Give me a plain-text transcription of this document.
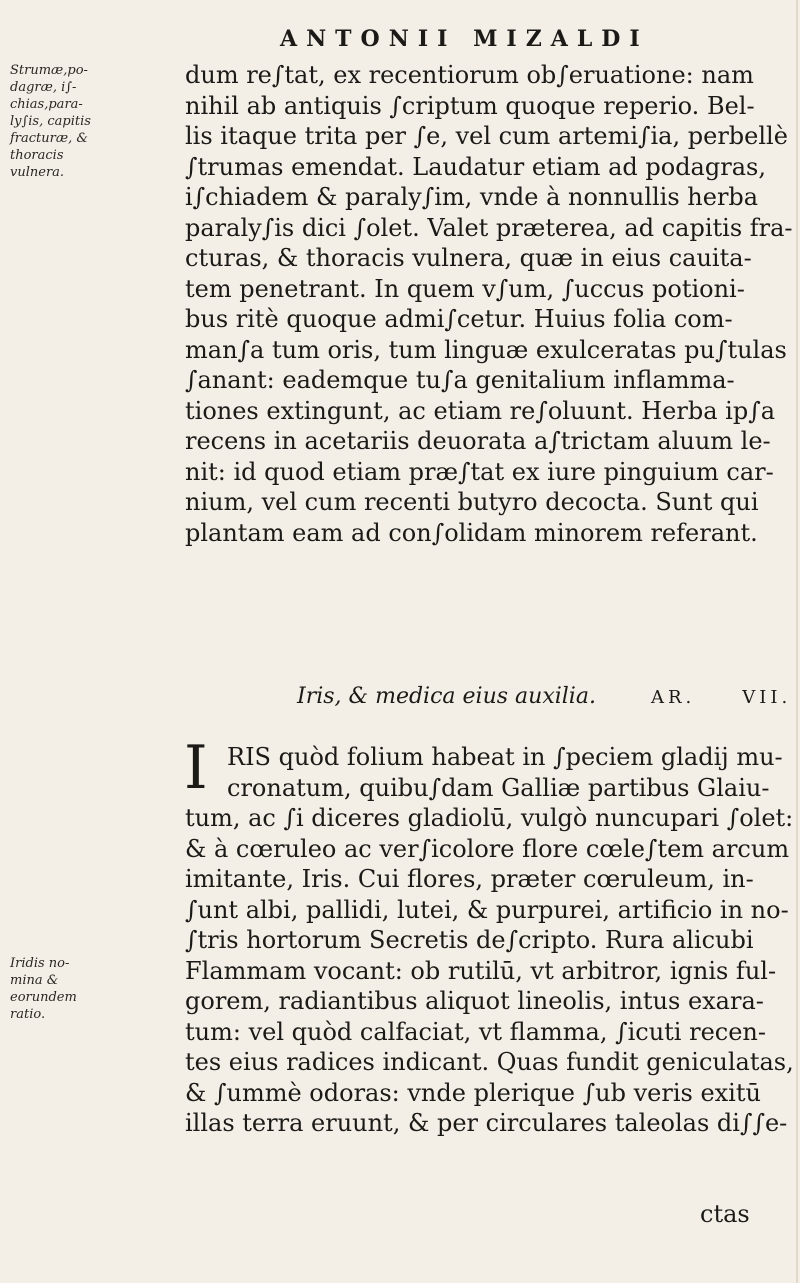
ANTONII MIZALDI
Strumæ,po-
dagræ, i∫-
chias,para-
ly∫is, capitis
fracturæ, &
thoracis
vulnera.
dum re∫tat, ex recentiorum ob∫eruatione: nam
nihil ab antiquis ∫criptum quoque reperio. Bel-
lis itaque trita per ∫e, vel cum artemi∫ia, perbellè
∫trumas emendat. Laudatur etiam ad podagras,
i∫chiadem & paraly∫im, vnde à nonnullis herba
paraly∫is dici ∫olet. Valet præterea, ad capitis fra-
cturas, & thoracis vulnera, quæ in eius cauita-
tem penetrant. In quem v∫um, ∫uccus potioni-
bus ritè quoque admi∫cetur. Huius folia com-
man∫a tum oris, tum linguæ exulceratas pu∫tulas
∫anant: eademque tu∫a genitalium inflamma-
tiones extingunt, ac etiam re∫oluunt. Herba ip∫a
recens in acetariis deuorata a∫trictam aluum le-
nit: id quod etiam præ∫tat ex iure pinguium car-
nium, vel cum recenti butyro decocta. Sunt qui
plantam eam ad con∫olidam minorem referant.
Iris, & medica eius auxilia.	AR.	VII.
I
Iridis no-
mina &
eorundem
ratio.
RIS quòd folium habeat in ∫peciem gladij mu-
cronatum, quibu∫dam Galliæ partibus Glaiu-
tum, ac ∫i diceres gladiolū, vulgò nuncupari ∫olet:
& à cœruleo ac ver∫icolore flore cœle∫tem arcum
imitante, Iris. Cui flores, præter cœruleum, in-
∫unt albi, pallidi, lutei, & purpurei, artificio in no-
∫tris hortorum Secretis de∫cripto. Rura alicubi
Flammam vocant: ob rutilū, vt arbitror, ignis ful-
gorem, radiantibus aliquot lineolis, intus exara-
tum: vel quòd calfaciat, vt flamma, ∫icuti recen-
tes eius radices indicant. Quas fundit geniculatas,
& ∫ummè odoras: vnde plerique ∫ub veris exitū
illas terra eruunt, & per circulares taleolas di∫∫e-
ctas
